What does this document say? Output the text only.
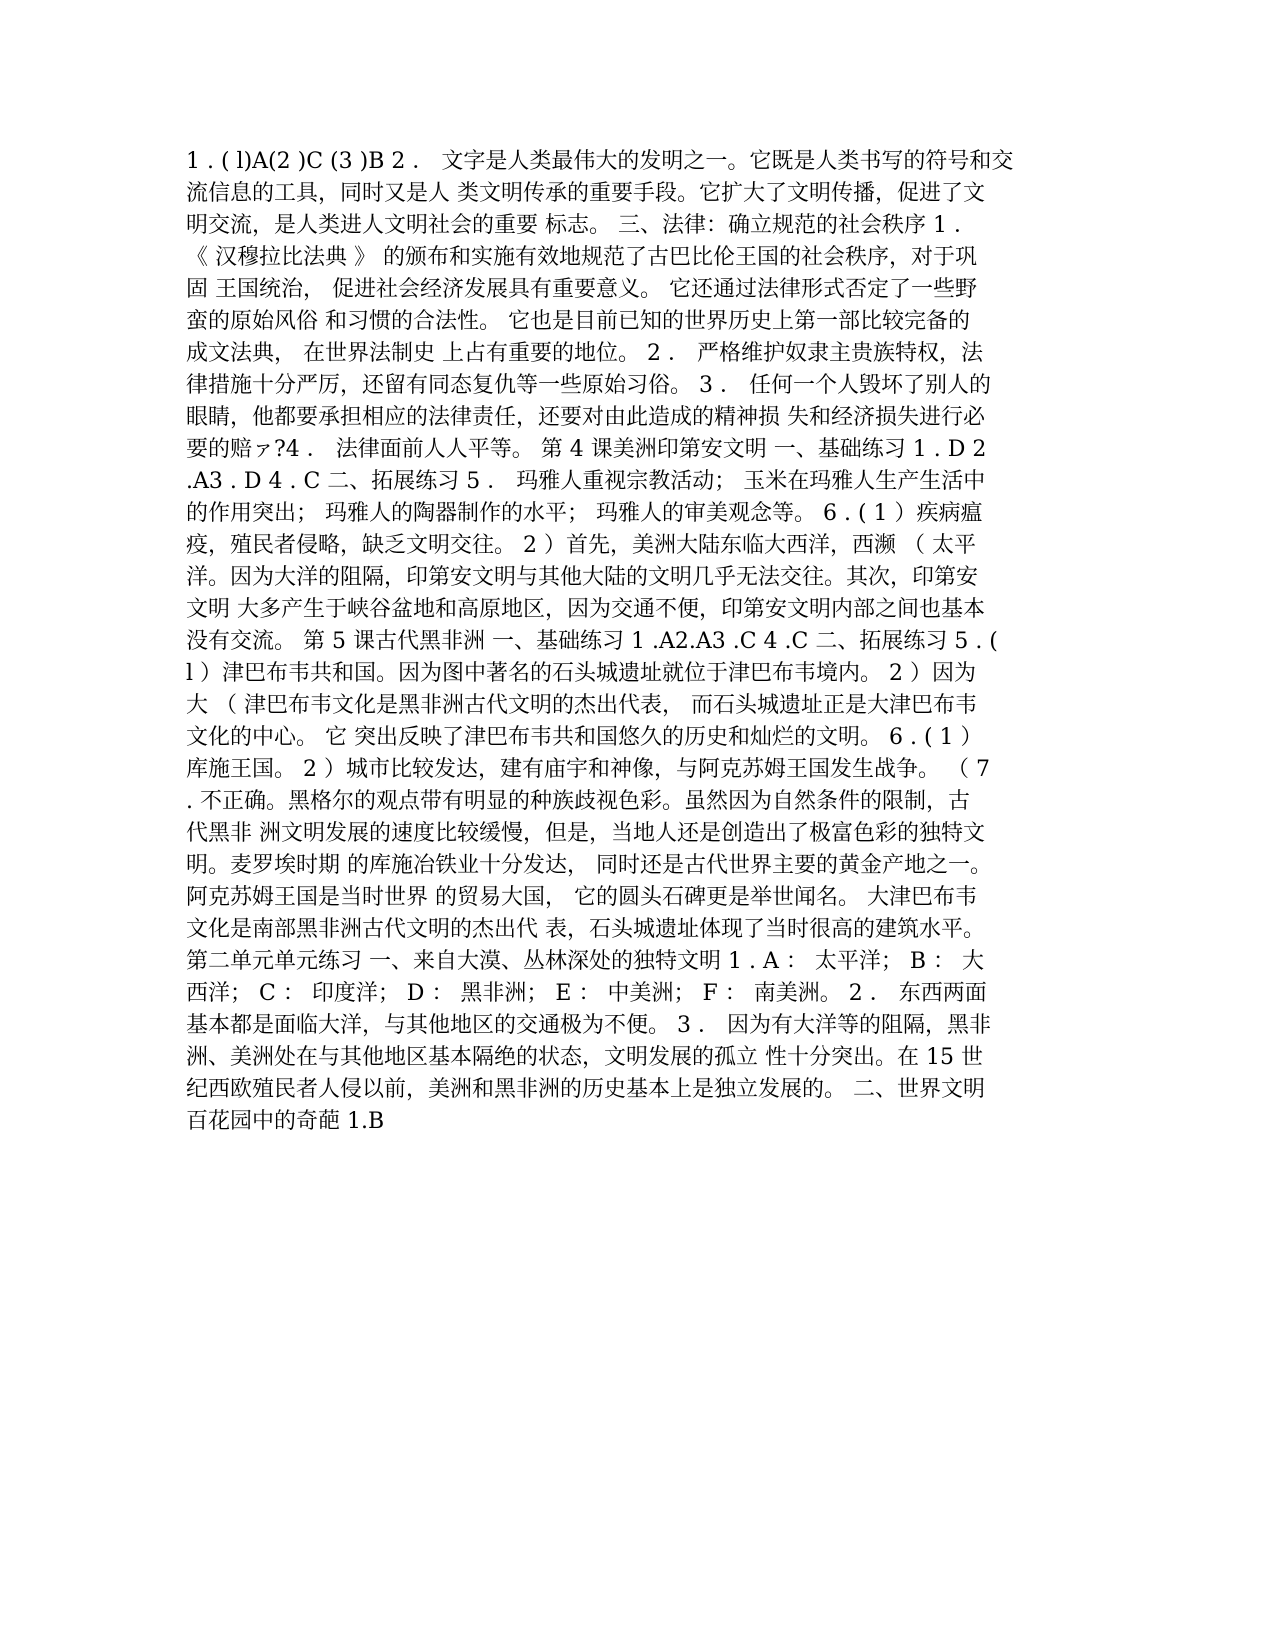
1 . ( l)A(2 )C (3 )B 2 ． 文字是人类最伟大的发明之一。它既是人类书写的符号和交
流信息的工具，同时又是人 类文明传承的重要手段。它扩大了文明传播，促进了文
明交流，是人类进人文明社会的重要 标志。 三、法律：确立规范的社会秩序 1 ．
《 汉穆拉比法典 》 的颁布和实施有效地规范了古巴比伦王国的社会秩序，对于巩
固 王国统治， 促进社会经济发展具有重要意义。 它还通过法律形式否定了一些野
蛮的原始风俗 和习惯的合法性。 它也是目前已知的世界历史上第一部比较完备的
成文法典， 在世界法制史 上占有重要的地位。 2 ． 严格维护奴隶主贵族特权，法
律措施十分严厉，还留有同态复仇等一些原始习俗。 3 ． 任何一个人毁坏了别人的
眼睛，他都要承担相应的法律责任，还要对由此造成的精神损 失和经济损失进行必
要的赔ァ?4 ． 法律面前人人平等。 第 4 课美洲印第安文明 一、基础练习 1 . D 2
.A3 . D 4 . C 二、拓展练习 5 ． 玛雅人重视宗教活动； 玉米在玛雅人生产生活中
的作用突出； 玛雅人的陶器制作的水平； 玛雅人的审美观念等。 6 . ( 1 ）疾病瘟
疫，殖民者侵略，缺乏文明交往。 2 ）首先，美洲大陆东临大西洋，西濒 （ 太平
洋。因为大洋的阻隔，印第安文明与其他大陆的文明几乎无法交往。其次，印第安
文明 大多产生于峡谷盆地和高原地区，因为交通不便，印第安文明内部之间也基本
没有交流。 第 5 课古代黑非洲 一、基础练习 1 .A2.A3 .C 4 .C 二、拓展练习 5 . (
l ）津巴布韦共和国。因为图中著名的石头城遗址就位于津巴布韦境内。 2 ）因为
大 （ 津巴布韦文化是黑非洲古代文明的杰出代表， 而石头城遗址正是大津巴布韦
文化的中心。 它 突出反映了津巴布韦共和国悠久的历史和灿烂的文明。 6 . ( 1 ）
库施王国。 2 ）城市比较发达，建有庙宇和神像，与阿克苏姆王国发生战争。 （ 7
. 不正确。黑格尔的观点带有明显的种族歧视色彩。虽然因为自然条件的限制，古
代黑非 洲文明发展的速度比较缓慢，但是，当地人还是创造出了极富色彩的独特文
明。麦罗埃时期 的库施冶铁业十分发达， 同时还是古代世界主要的黄金产地之一。
阿克苏姆王国是当时世界 的贸易大国， 它的圆头石碑更是举世闻名。 大津巴布韦
文化是南部黑非洲古代文明的杰出代 表，石头城遗址体现了当时很高的建筑水平。
第二单元单元练习 一、来自大漠、丛林深处的独特文明 1 . A ： 太平洋； B ： 大
西洋； C ： 印度洋； D ： 黑非洲； E ： 中美洲； F ： 南美洲。 2 ． 东西两面
基本都是面临大洋，与其他地区的交通极为不便。 3 ． 因为有大洋等的阻隔，黑非
洲、美洲处在与其他地区基本隔绝的状态，文明发展的孤立 性十分突出。在 15 世
纪西欧殖民者人侵以前，美洲和黑非洲的历史基本上是独立发展的。 二、世界文明
百花园中的奇葩 1.B
